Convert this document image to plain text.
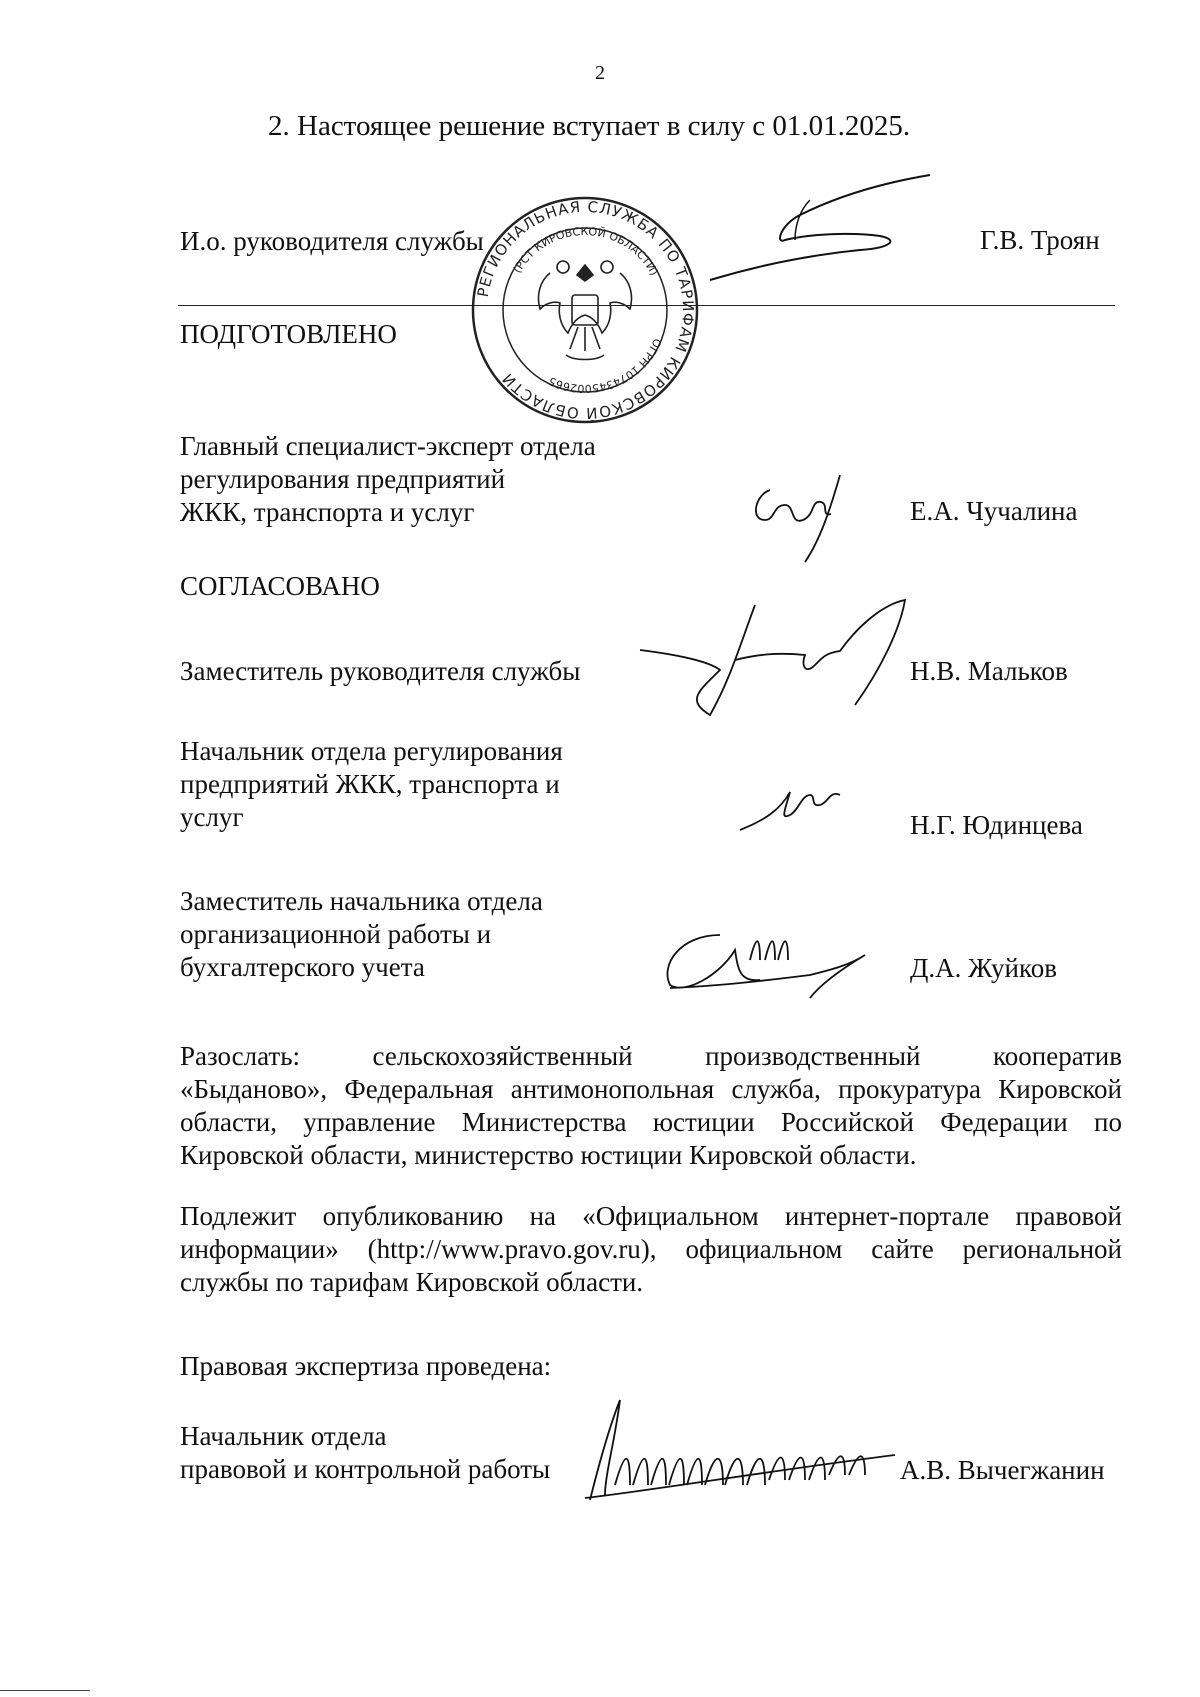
2
2. Настоящее решение вступает в силу с 01.01.2025.
И.о. руководителя службы	Г.В. Троян
РЕГИОНАЛЬНАЯ СЛУЖБА ПО ТАРИФАМ КИРОВСКОЙ ОБЛАСТИ
(РСТ КИРОВСКОЙ ОБЛАСТИ)
ОГРН 1074345002665
ПОДГОТОВЛЕНО
Главный специалист-эксперт отдела
регулирования предприятий
ЖКК, транспорта и услуг	Е.А. Чучалина
СОГЛАСОВАНО
Заместитель руководителя службы	Н.В. Мальков
Начальник отдела регулирования
предприятий ЖКК, транспорта и
услуг	Н.Г. Юдинцева
Заместитель начальника отдела
организационной работы и
бухгалтерского учета	Д.А. Жуйков
Разослать: сельскохозяйственный производственный кооператив
«Быданово», Федеральная антимонопольная служба, прокуратура Кировской
области, управление Министерства юстиции Российской Федерации по
Кировской области, министерство юстиции Кировской области.
Подлежит опубликованию на «Официальном интернет-портале правовой
информации» (http://www.pravo.gov.ru), официальном сайте региональной
службы по тарифам Кировской области.
Правовая экспертиза проведена:
Начальник отдела
правовой и контрольной работы	А.В. Вычегжанин
